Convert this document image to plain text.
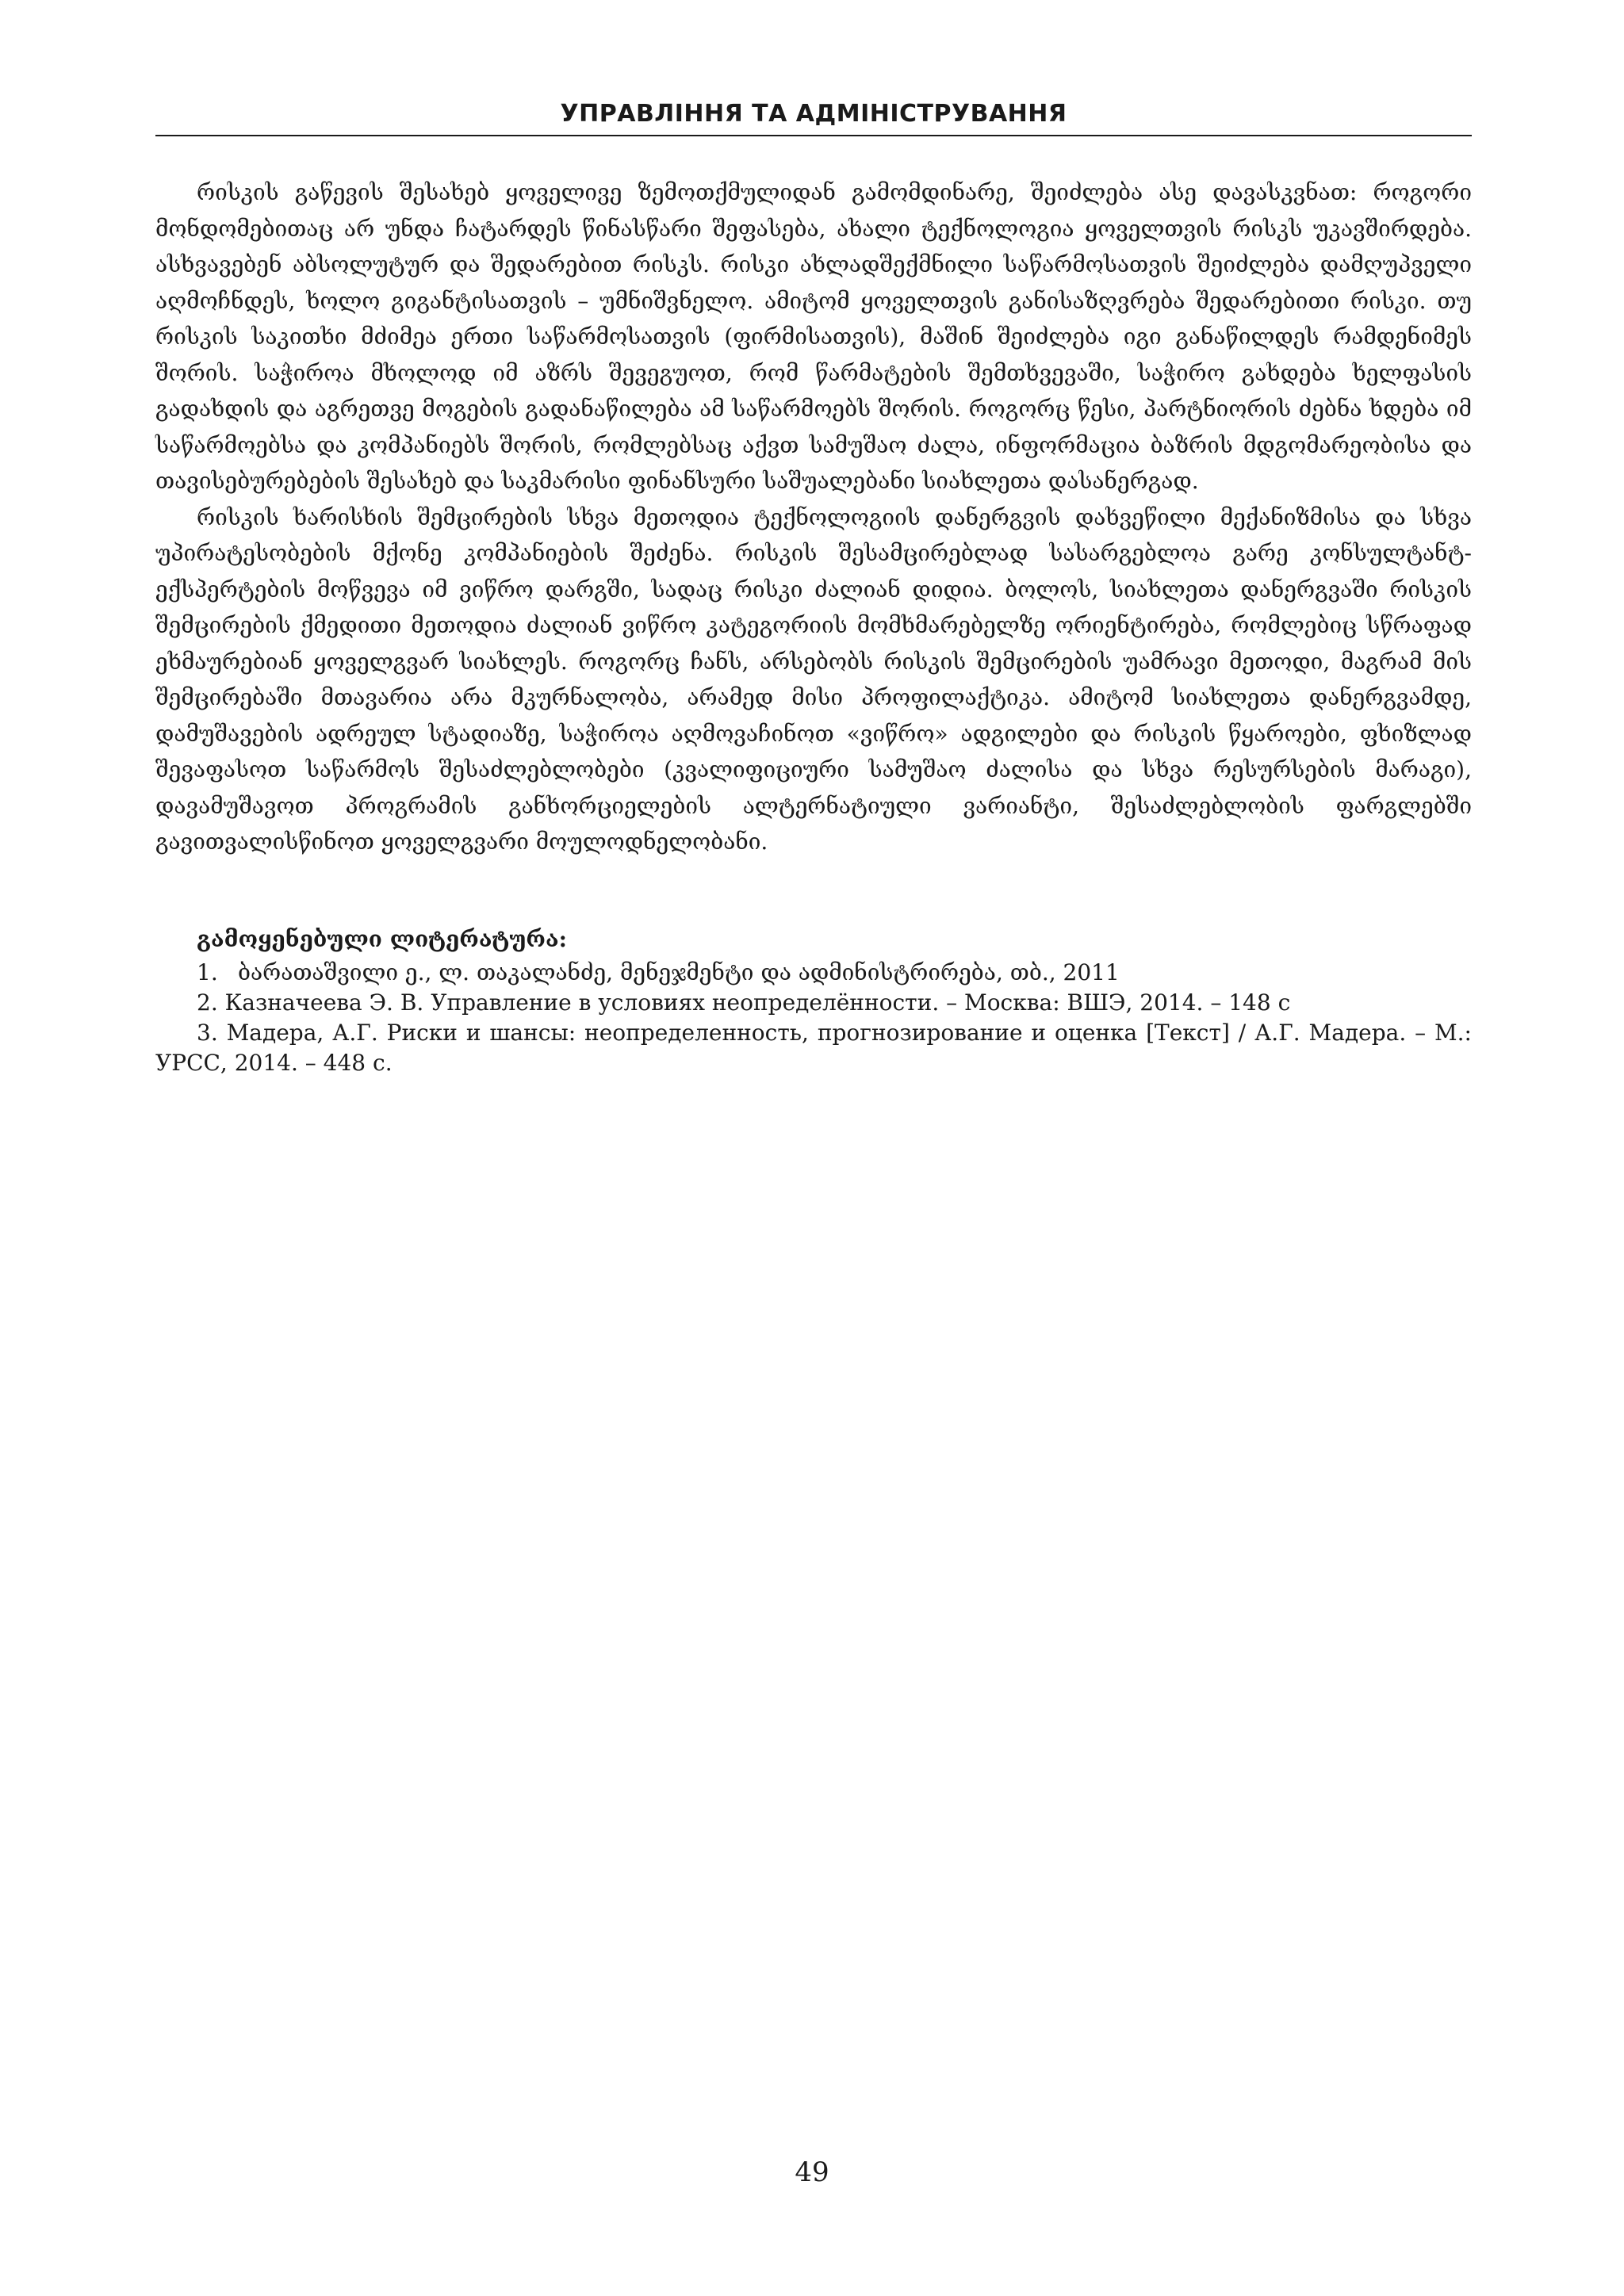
УПРАВЛІННЯ ТА АДМІНІСТРУВАННЯ

რისკის გაწევის შესახებ ყოველივე ზემოთქმულიდან გამომდინარე, შეიძლება ასე დავასკვნათ: როგორი მონდომებითაც არ უნდა ჩატარდეს წინასწარი შეფასება, ახალი ტექნოლოგია ყოველთვის რისკს უკავშირდება. ასხვავებენ აბსოლუტურ და შედარებით რისკს. რისკი ახლადშექმნილი საწარმოსათვის შეიძლება დამღუპველი აღმოჩნდეს, ხოლო გიგანტისათვის – უმნიშვნელო. ამიტომ ყოველთვის განისაზღვრება შედარებითი რისკი. თუ რისკის საკითხი მძიმეა ერთი საწარმოსათვის (ფირმისათვის), მაშინ შეიძლება იგი განაწილდეს რამდენიმეს შორის. საჭიროა მხოლოდ იმ აზრს შევეგუოთ, რომ წარმატების შემთხვევაში, საჭირო გახდება ხელფასის გადახდის და აგრეთვე მოგების გადანაწილება ამ საწარმოებს შორის. როგორც წესი, პარტნიორის ძებნა ხდება იმ საწარმოებსა და კომპანიებს შორის, რომლებსაც აქვთ სამუშაო ძალა, ინფორმაცია ბაზრის მდგომარეობისა და თავისებურებების შესახებ და საკმარისი ფინანსური საშუალებანი სიახლეთა დასანერგად.

რისკის ხარისხის შემცირების სხვა მეთოდია ტექნოლოგიის დანერგვის დახვეწილი მექანიზმისა და სხვა უპირატესობების მქონე კომპანიების შეძენა. რისკის შესამცირებლად სასარგებლოა გარე კონსულტანტ-ექსპერტების მოწვევა იმ ვიწრო დარგში, სადაც რისკი ძალიან დიდია. ბოლოს, სიახლეთა დანერგვაში რისკის შემცირების ქმედითი მეთოდია ძალიან ვიწრო კატეგორიის მომხმარებელზე ორიენტირება, რომლებიც სწრაფად ეხმაურებიან ყოველგვარ სიახლეს. როგორც ჩანს, არსებობს რისკის შემცირების უამრავი მეთოდი, მაგრამ მის შემცირებაში მთავარია არა მკურნალობა, არამედ მისი პროფილაქტიკა. ამიტომ სიახლეთა დანერგვამდე, დამუშავების ადრეულ სტადიაზე, საჭიროა აღმოვაჩინოთ «ვიწრო» ადგილები და რისკის წყაროები, ფხიზლად შევაფასოთ საწარმოს შესაძლებლობები (კვალიფიციური სამუშაო ძალისა და სხვა რესურსების მარაგი), დავამუშავოთ პროგრამის განხორციელების ალტერნატიული ვარიანტი, შესაძლებლობის ფარგლებში გავითვალისწინოთ ყოველგვარი მოულოდნელობანი.

გამოყენებული ლიტერატურა:
1. ბარათაშვილი ე., ლ. თაკალანძე, მენეჯმენტი და ადმინისტრირება, თბ., 2011
2. Казначеева Э. В. Управление в условиях неопределённости. – Москва: ВШЭ, 2014. – 148 с
3. Мадера, А.Г. Риски и шансы: неопределенность, прогнозирование и оценка [Текст] / А.Г. Мадера. – М.: УРСС, 2014. – 448 с.
49
